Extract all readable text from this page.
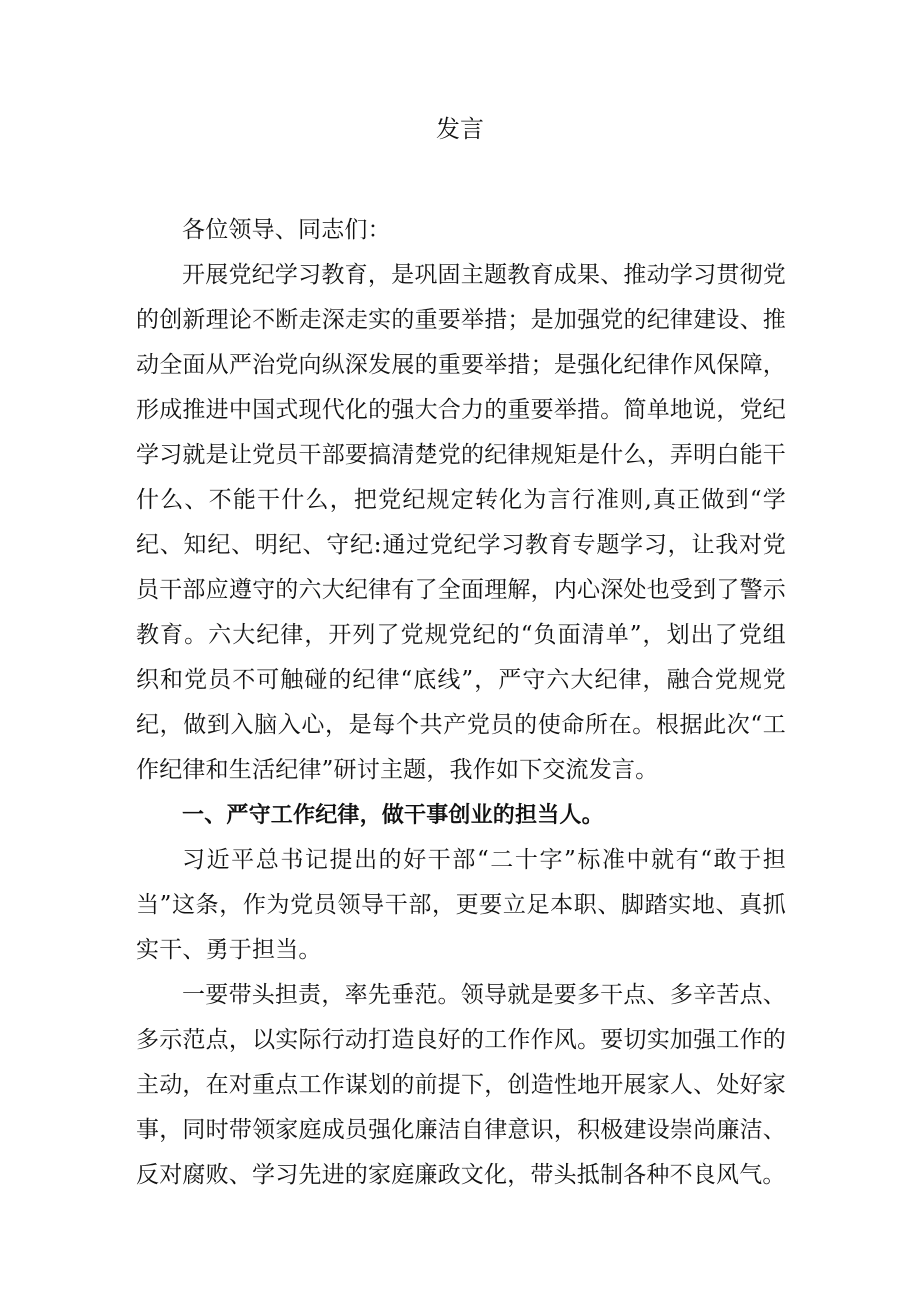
发言

各位领导、同志们：

开展党纪学习教育，是巩固主题教育成果、推动学习贯彻党的创新理论不断走深走实的重要举措；是加强党的纪律建设、推动全面从严治党向纵深发展的重要举措；是强化纪律作风保障，形成推进中国式现代化的强大合力的重要举措。简单地说，党纪学习就是让党员干部要搞清楚党的纪律规矩是什么，弄明白能干什么、不能干什么，把党纪规定转化为言行准则,真正做到“学纪、知纪、明纪、守纪:通过党纪学习教育专题学习，让我对党员干部应遵守的六大纪律有了全面理解，内心深处也受到了警示教育。六大纪律，开列了党规党纪的“负面清单”，划出了党组织和党员不可触碰的纪律“底线”，严守六大纪律，融合党规党纪，做到入脑入心，是每个共产党员的使命所在。根据此次“工作纪律和生活纪律”研讨主题，我作如下交流发言。

一、严守工作纪律，做干事创业的担当人。

习近平总书记提出的好干部“二十字”标准中就有“敢于担当”这条，作为党员领导干部，更要立足本职、脚踏实地、真抓实干、勇于担当。

一要带头担责，率先垂范。领导就是要多干点、多辛苦点、多示范点，以实际行动打造良好的工作作风。要切实加强工作的主动，在对重点工作谋划的前提下，创造性地开展家人、处好家事，同时带领家庭成员强化廉洁自律意识，积极建设崇尚廉洁、反对腐败、学习先进的家庭廉政文化，带头抵制各种不良风气。
